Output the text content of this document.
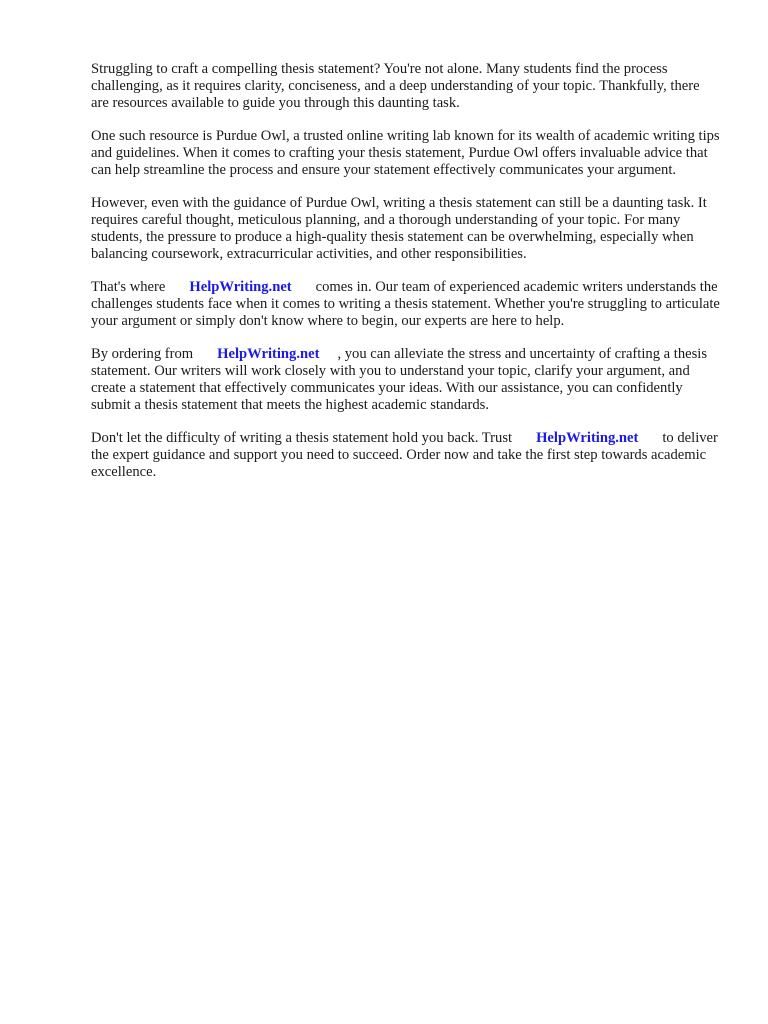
Struggling to craft a compelling thesis statement? You're not alone. Many students find the process challenging, as it requires clarity, conciseness, and a deep understanding of your topic. Thankfully, there are resources available to guide you through this daunting task.

One such resource is Purdue Owl, a trusted online writing lab known for its wealth of academic writing tips and guidelines. When it comes to crafting your thesis statement, Purdue Owl offers invaluable advice that can help streamline the process and ensure your statement effectively communicates your argument.

However, even with the guidance of Purdue Owl, writing a thesis statement can still be a daunting task. It requires careful thought, meticulous planning, and a thorough understanding of your topic. For many students, the pressure to produce a high-quality thesis statement can be overwhelming, especially when balancing coursework, extracurricular activities, and other responsibilities.

That's where HelpWriting.net comes in. Our team of experienced academic writers understands the challenges students face when it comes to writing a thesis statement. Whether you're struggling to articulate your argument or simply don't know where to begin, our experts are here to help.

By ordering from HelpWriting.net , you can alleviate the stress and uncertainty of crafting a thesis statement. Our writers will work closely with you to understand your topic, clarify your argument, and create a statement that effectively communicates your ideas. With our assistance, you can confidently submit a thesis statement that meets the highest academic standards.

Don't let the difficulty of writing a thesis statement hold you back. Trust HelpWriting.net to deliver the expert guidance and support you need to succeed. Order now and take the first step towards academic excellence.
